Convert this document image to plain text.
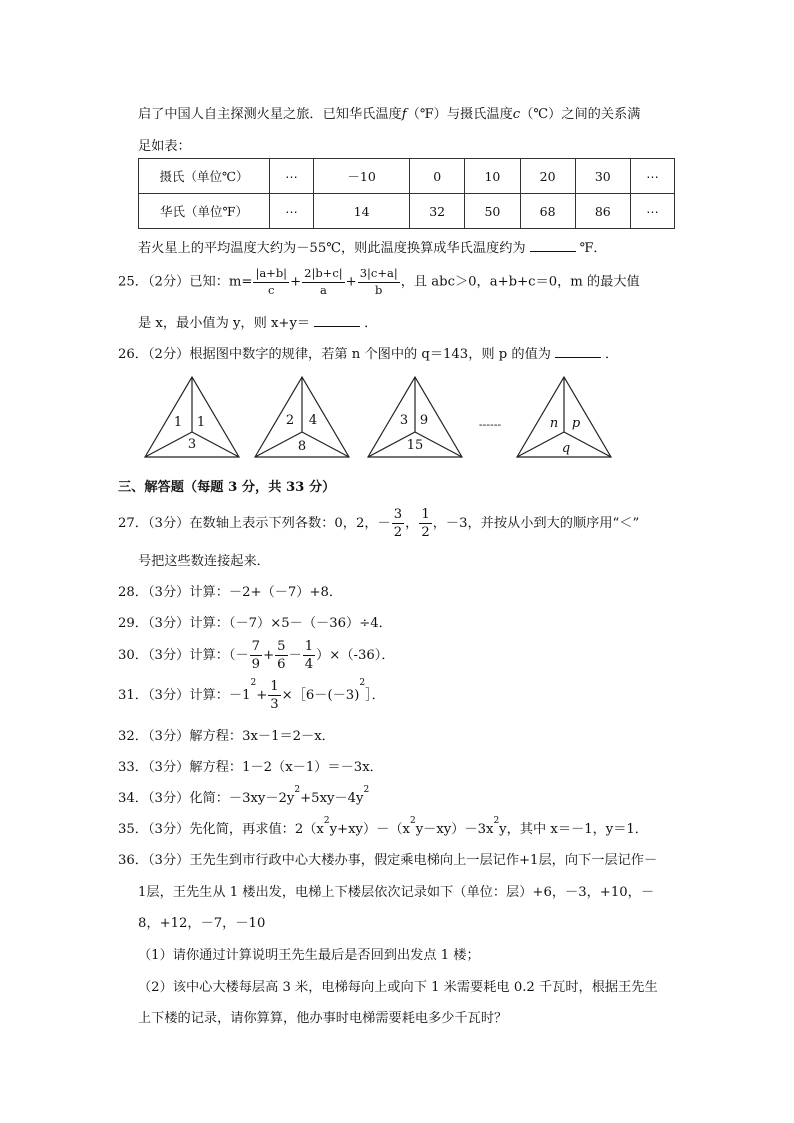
启了中国人自主探测火星之旅．已知华氏温度f（℉）与摄氏温度c（℃）之间的关系满
足如表：
摄氏（单位℃）	⋯	－10	0	10	20	30	⋯
华氏（单位℉）	⋯	14	32	50	68	86	⋯
若火星上的平均温度大约为－55℃，则此温度换算成华氏温度约为	℉．
25．（2分）已知：$m= \frac{|a+b|}{c} + \frac{2|b+c|}{a} + \frac{3|c+a|}{b}$ ，且 abc＞0，a+b+c＝0，m 的最大值
是 x，最小值为 y，则 x+y＝	．
26．（2分）根据图中数字的规律，若第 n 个图中的 q＝143，则 p 的值为	．
1 1
3
2 4
8
3 9
15
------	n p
q
三、解答题（每题 3 分，共 33 分）
27．（3分）在数轴上表示下列各数：0，2，－ $\frac{3}{2}$ ， $\frac{1}{2}$ ，－3，并按从小到大的顺序用“＜”
号把这些数连接起来．
28．（3分）计算：－2+（－7）+8．
29．（3分）计算：（－7）×5－（－36）÷4．
30．（3分）计算：（－ $\frac{7}{9} + \frac{5}{6} - \frac{1}{4} )\times(-36)$．
31．（3分）计算：$-1^2+ \frac{1}{3}$ $\times[6-(-3)^2]$．
32．（3分）解方程：3x－1＝2－x．
33．（3分）解方程：1－2（x－1）＝－3x．
34．（3分）化简：$-3xy-2y^2+5xy-4y^2$
35．（3分）先化简，再求值：$2(x^2y+xy)-(x^2y-xy)-3x^2y$，其中 x＝－1，y＝1．
36．（3分）王先生到市行政中心大楼办事，假定乘电梯向上一层记作+1层，向下一层记作－
1层，王先生从 1 楼出发，电梯上下楼层依次记录如下（单位：层）+6，－3，+10，－
8，+12，－7，－10
（1）请你通过计算说明王先生最后是否回到出发点 1 楼；
（2）该中心大楼每层高 3 米，电梯每向上或向下 1 米需要耗电 0.2 千瓦时，根据王先生
上下楼的记录，请你算算，他办事时电梯需要耗电多少千瓦时？
